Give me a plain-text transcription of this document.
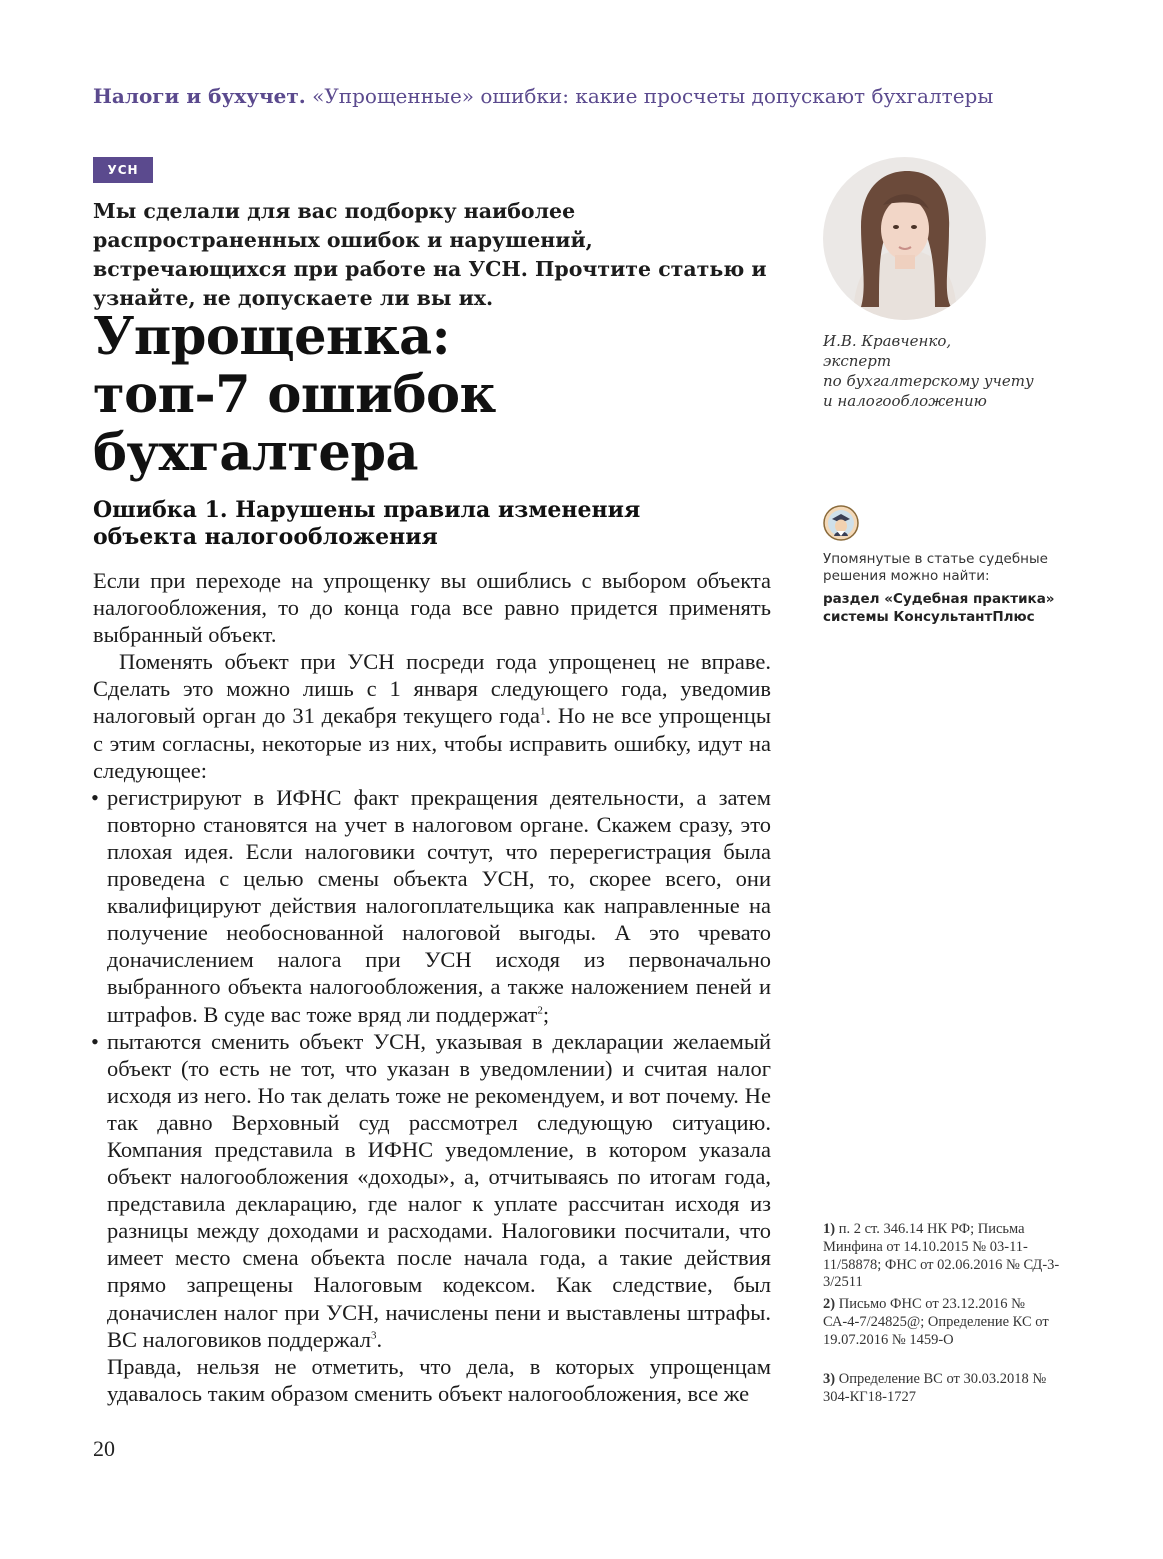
Налоги и бухучет. «Упрощенные» ошибки: какие просчеты допускают бухгалтеры
УСН
Мы сделали для вас подборку наиболее распространенных ошибок и нарушений, встречающихся при работе на УСН. Прочтите статью и узнайте, не допускаете ли вы их.
Упрощенка:
топ-7 ошибок бухгалтера
И.В. Кравченко,
эксперт
по бухгалтерскому учету
и налогообложению
Ошибка 1. Нарушены правила изменения
объекта налогообложения

Если при переходе на упрощенку вы ошиблись с выбором объекта налогообложения, то до конца года все равно придется применять выбранный объект.

Поменять объект при УСН посреди года упрощенец не вправе. Сделать это можно лишь с 1 января следующего года, уведомив налоговый орган до 31 декабря текущего года$^1$. Но не все упрощенцы с этим согласны, некоторые из них, чтобы исправить ошибку, идут на следующее:

• регистрируют в ИФНС факт прекращения деятельности, а затем повторно становятся на учет в налоговом органе. Скажем сразу, это плохая идея. Если налоговики сочтут, что перерегистрация была проведена с целью смены объекта УСН, то, скорее всего, они квалифицируют действия налогоплательщика как направленные на получение необоснованной налоговой выгоды. А это чревато доначислением налога при УСН исходя из первоначально выбранного объекта налогообложения, а также наложением пеней и штрафов. В суде вас тоже вряд ли поддержат$^2$;

• пытаются сменить объект УСН, указывая в декларации желаемый объект (то есть не тот, что указан в уведомлении) и считая налог исходя из него. Но так делать тоже не рекомендуем, и вот почему. Не так давно Верховный суд рассмотрел следующую ситуацию. Компания представила в ИФНС уведомление, в котором указала объект налогообложения «доходы», а, отчитываясь по итогам года, представила декларацию, где налог к уплате рассчитан исходя из разницы между доходами и расходами. Налоговики посчитали, что имеет место смена объекта после начала года, а такие действия прямо запрещены Налоговым кодексом. Как следствие, был доначислен налог при УСН, начислены пени и выставлены штрафы. ВС налоговиков поддержал$^3$.

Правда, нельзя не отметить, что дела, в которых упрощенцам удавалось таким образом сменить объект налогообложения, все же

Упомянутые в статье судебные решения можно найти:
раздел «Судебная практика» системы КонсультантПлюс
1) п. 2 ст. 346.14 НК РФ; Письма Минфина от 14.10.2015 № 03-11-11/58878; ФНС от 02.06.2016 № СД-3-3/2511
2) Письмо ФНС от 23.12.2016 № СА-4-7/24825@; Определение КС от 19.07.2016 № 1459-О
3) Определение ВС от 30.03.2018 № 304-КГ18-1727
20
